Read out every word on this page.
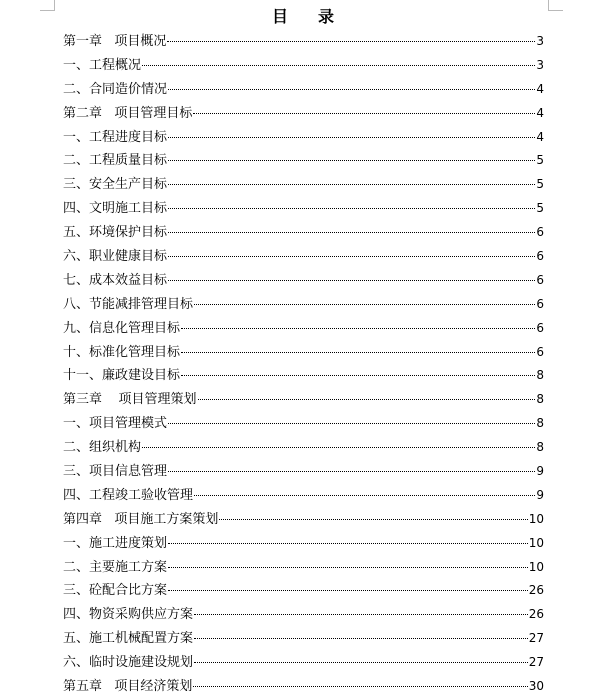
目 录
第一章   项目概况	3
一、工程概况	3
二、合同造价情况	4
第二章   项目管理目标	4
一、工程进度目标	4
二、工程质量目标	5
三、安全生产目标	5
四、文明施工目标	5
五、环境保护目标	6
六、职业健康目标	6
七、成本效益目标	6
八、节能减排管理目标	6
九、信息化管理目标	6
十、标准化管理目标	6
十一、廉政建设目标	8
第三章    项目管理策划	8
一、项目管理模式	8
二、组织机构	8
三、项目信息管理	9
四、工程竣工验收管理	9
第四章   项目施工方案策划	10
一、施工进度策划	10
二、主要施工方案	10
三、砼配合比方案	26
四、物资采购供应方案	26
五、施工机械配置方案	27
六、临时设施建设规划	27
第五章   项目经济策划	30
